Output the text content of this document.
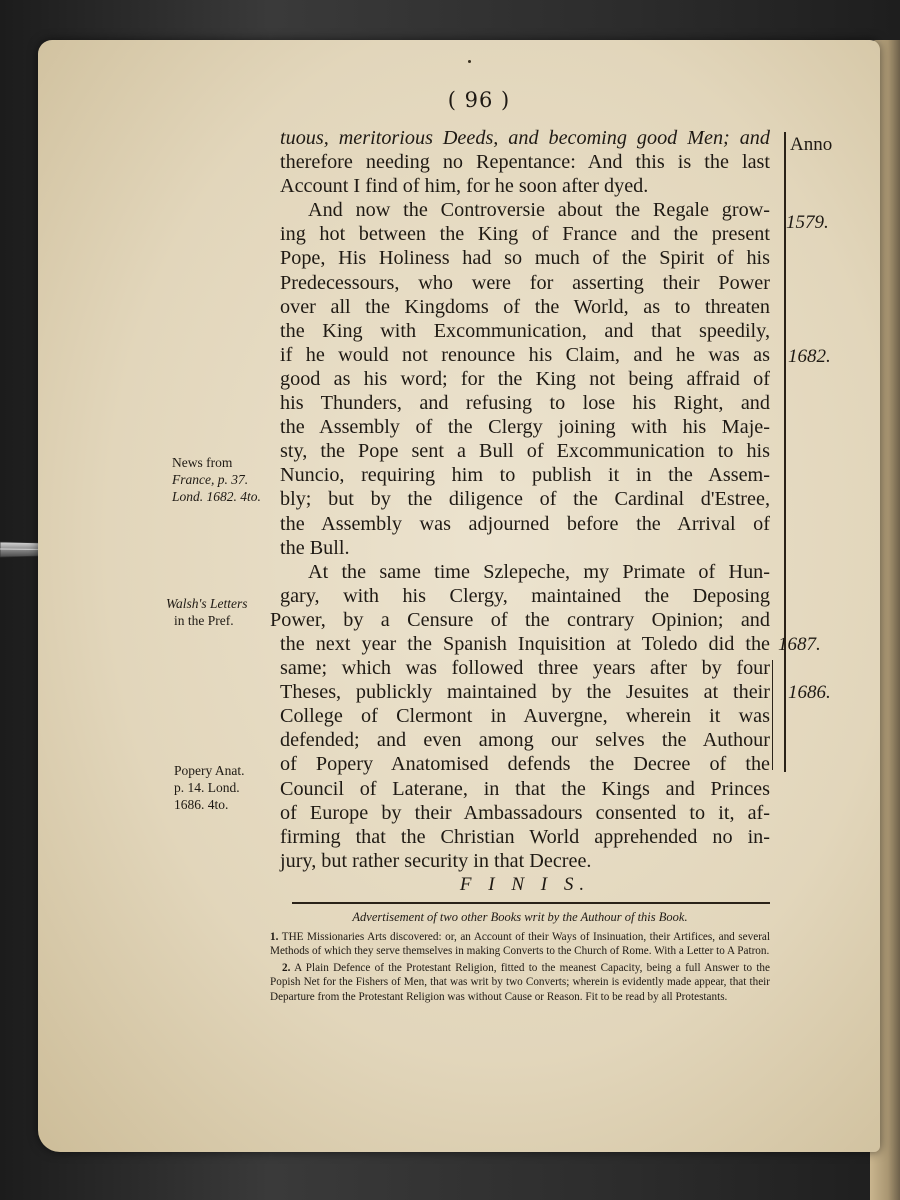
( 96 )
Anno
1579.
1682.
1687.
1686.
News from
France, p. 37.
Lond. 1682. 4to.
Walsh's Letters
in the Pref.
Popery Anat.
p. 14. Lond.
1686. 4to.
tuous, meritorious Deeds, and becoming good Men; and
therefore needing no Repentance: And this is the last
Account I find of him, for he soon after dyed.
And now the Controversie about the Regale grow-
ing hot between the King of France and the present
Pope, His Holiness had so much of the Spirit of his
Predecessours, who were for asserting their Power
over all the Kingdoms of the World, as to threaten
the King with Excommunication, and that speedily,
if he would not renounce his Claim, and he was as
good as his word; for the King not being affraid of
his Thunders, and refusing to lose his Right, and
the Assembly of the Clergy joining with his Maje-
sty, the Pope sent a Bull of Excommunication to his
Nuncio, requiring him to publish it in the Assem-
bly; but by the diligence of the Cardinal d'Estree,
the Assembly was adjourned before the Arrival of
the Bull.
At the same time Szlepeche, my Primate of Hun-
gary, with his Clergy, maintained the Deposing
Power, by a Censure of the contrary Opinion; and
the next year the Spanish Inquisition at Toledo did the
same; which was followed three years after by four
Theses, publickly maintained by the Jesuites at their
College of Clermont in Auvergne, wherein it was
defended; and even among our selves the Authour
of Popery Anatomised defends the Decree of the
Council of Laterane, in that the Kings and Princes
of Europe by their Ambassadours consented to it, af-
firming that the Christian World apprehended no in-
jury, but rather security in that Decree.
F I N I S.
Advertisement of two other Books writ by the Authour of this Book.
1. THE Missionaries Arts discovered: or, an Account of their Ways of Insinuation, their Artifices, and several Methods of which they serve themselves in making Converts to the Church of Rome. With a Letter to A Patron.
2. A Plain Defence of the Protestant Religion, fitted to the meanest Capacity, being a full Answer to the Popish Net for the Fishers of Men, that was writ by two Converts; wherein is evidently made appear, that their Departure from the Protestant Religion was without Cause or Reason. Fit to be read by all Protestants.
